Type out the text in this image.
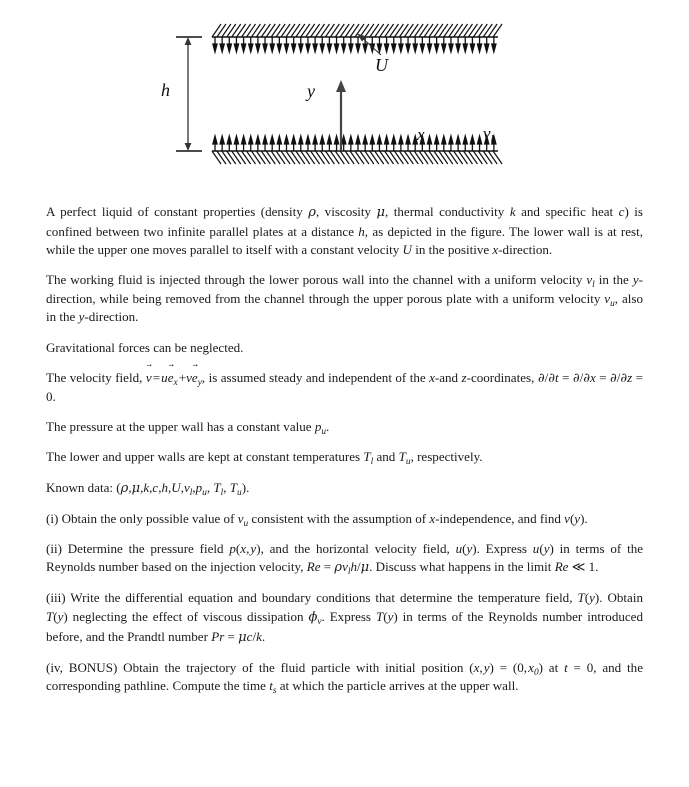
h
U
y
x	$v_l$

A perfect liquid of constant properties (density ρ, viscosity μ, thermal conductivity k and specific heat c) is confined between two infinite parallel plates at a distance h, as depicted in the figure. The lower wall is at rest, while the upper one moves parallel to itself with a constant velocity U in the positive x-direction.

The working fluid is injected through the lower porous wall into the channel with a uniform velocity $v_l$ in the y-direction, while being removed from the channel through the upper porous plate with a uniform velocity $v_u$, also in the y-direction.

Gravitational forces can be neglected.

The velocity field, v → = ue $\to_x$ $+ve \to_y$, is assumed steady and independent of the x-and z-coordinates, ∂/∂t = ∂/∂x = ∂/∂z = 0.

The pressure at the upper wall has a constant value $p_u$.

The lower and upper walls are kept at constant temperatures $T_l$ and $T_u$, respectively.

Known data: ($\rho,\mu,k,c,h,U,v_l,p_u$, $T_l$, $T_u$).

(i) Obtain the only possible value of $v_u$ consistent with the assumption of x-independence, and find v(y).

(ii) Determine the pressure field p(x, y), and the horizontal velocity field, u(y). Express u(y) in terms of the Reynolds number based on the injection velocity, $Re = \rho v_lh/\mu$. Discuss what happens in the limit Re ≪ 1.

(iii) Write the differential equation and boundary conditions that determine the temperature field, T(y). Obtain T(y) neglecting the effect of viscous dissipation $\phi_v$. Express T(y) in terms of the Reynolds number introduced before, and the Prandtl number Pr = μc/k.

(iv, BONUS) Obtain the trajectory of the fluid particle with initial position (x, y) = (0, $x_0$) at t = 0, and the corresponding pathline. Compute the time $t_s$ at which the particle arrives at the upper wall.
